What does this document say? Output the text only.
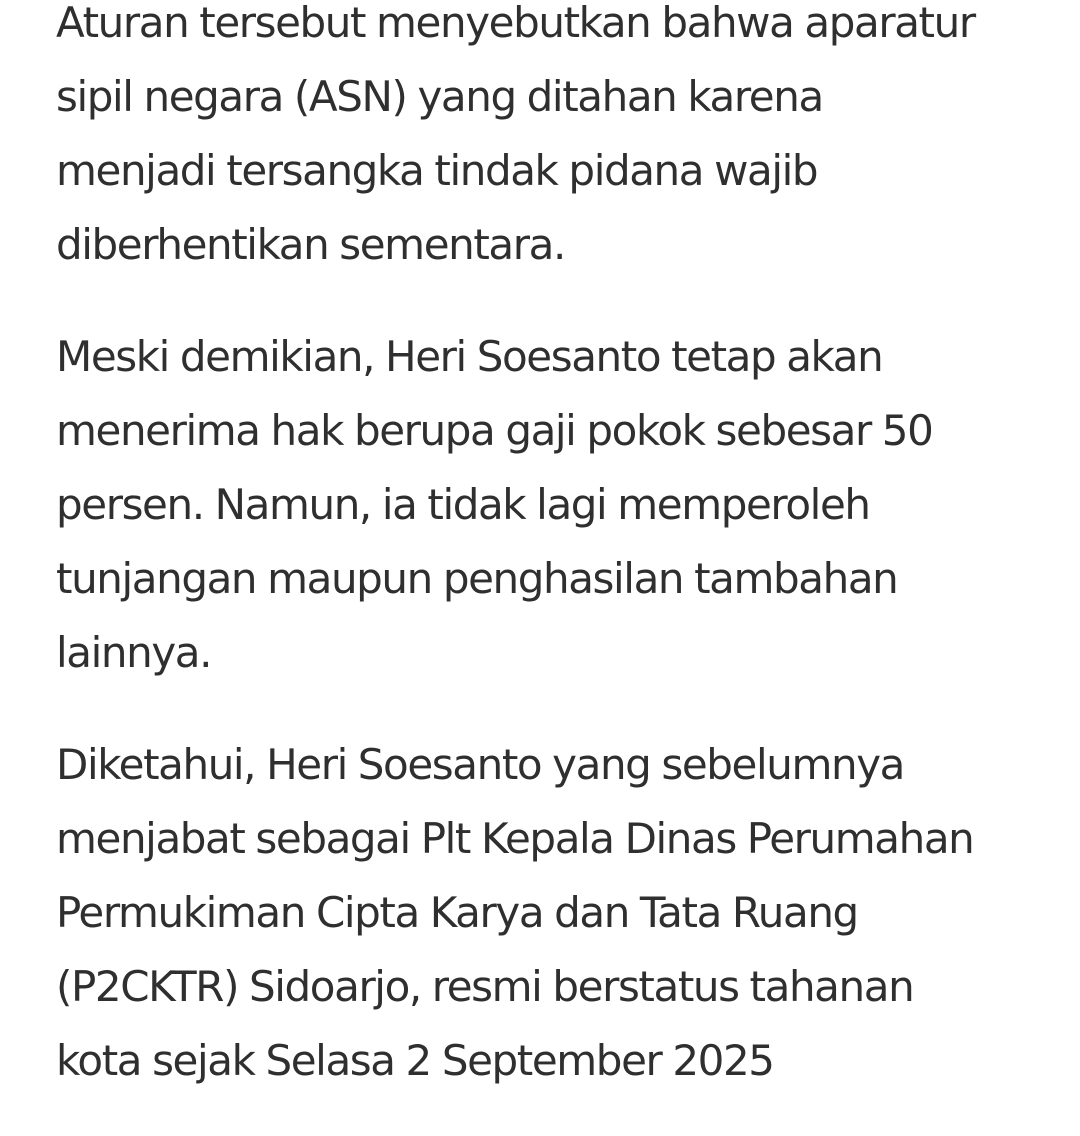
Aturan tersebut menyebutkan bahwa aparatur
sipil negara (ASN) yang ditahan karena
menjadi tersangka tindak pidana wajib
diberhentikan sementara.

Meski demikian, Heri Soesanto tetap akan
menerima hak berupa gaji pokok sebesar 50
persen. Namun, ia tidak lagi memperoleh
tunjangan maupun penghasilan tambahan
lainnya.

Diketahui, Heri Soesanto yang sebelumnya
menjabat sebagai Plt Kepala Dinas Perumahan
Permukiman Cipta Karya dan Tata Ruang
(P2CKTR) Sidoarjo, resmi berstatus tahanan
kota sejak Selasa 2 September 2025
